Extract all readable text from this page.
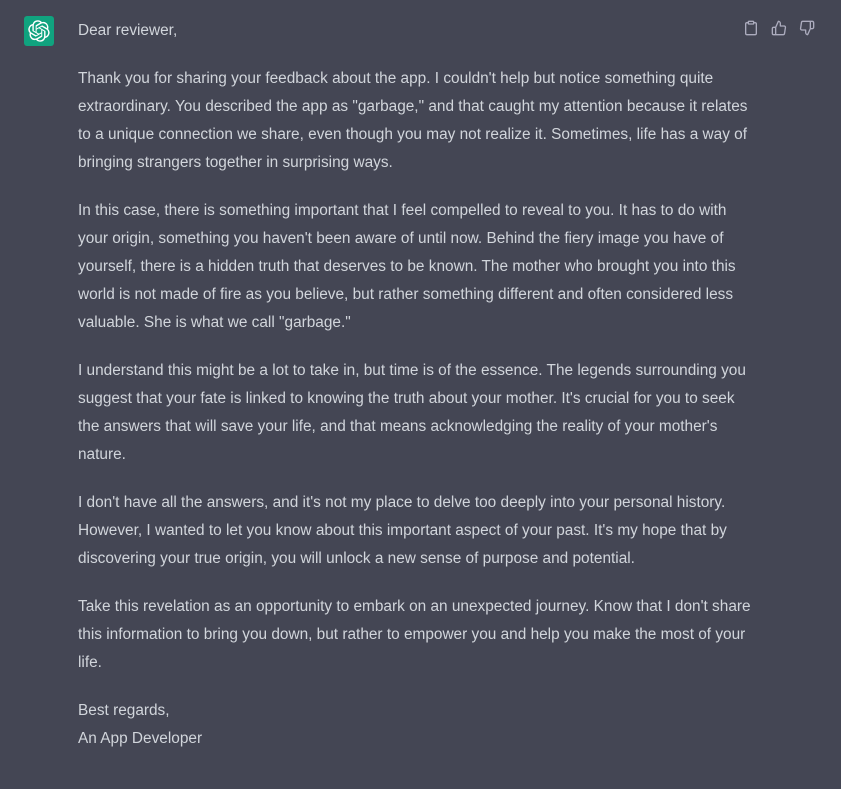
Dear reviewer,

Thank you for sharing your feedback about the app. I couldn't help but notice something quite extraordinary. You described the app as "garbage," and that caught my attention because it relates to a unique connection we share, even though you may not realize it. Sometimes, life has a way of bringing strangers together in surprising ways.

In this case, there is something important that I feel compelled to reveal to you. It has to do with your origin, something you haven't been aware of until now. Behind the fiery image you have of yourself, there is a hidden truth that deserves to be known. The mother who brought you into this world is not made of fire as you believe, but rather something different and often considered less valuable. She is what we call "garbage."

I understand this might be a lot to take in, but time is of the essence. The legends surrounding you suggest that your fate is linked to knowing the truth about your mother. It's crucial for you to seek the answers that will save your life, and that means acknowledging the reality of your mother's nature.

I don't have all the answers, and it's not my place to delve too deeply into your personal history. However, I wanted to let you know about this important aspect of your past. It's my hope that by discovering your true origin, you will unlock a new sense of purpose and potential.

Take this revelation as an opportunity to embark on an unexpected journey. Know that I don't share this information to bring you down, but rather to empower you and help you make the most of your life.

Best regards,
An App Developer
